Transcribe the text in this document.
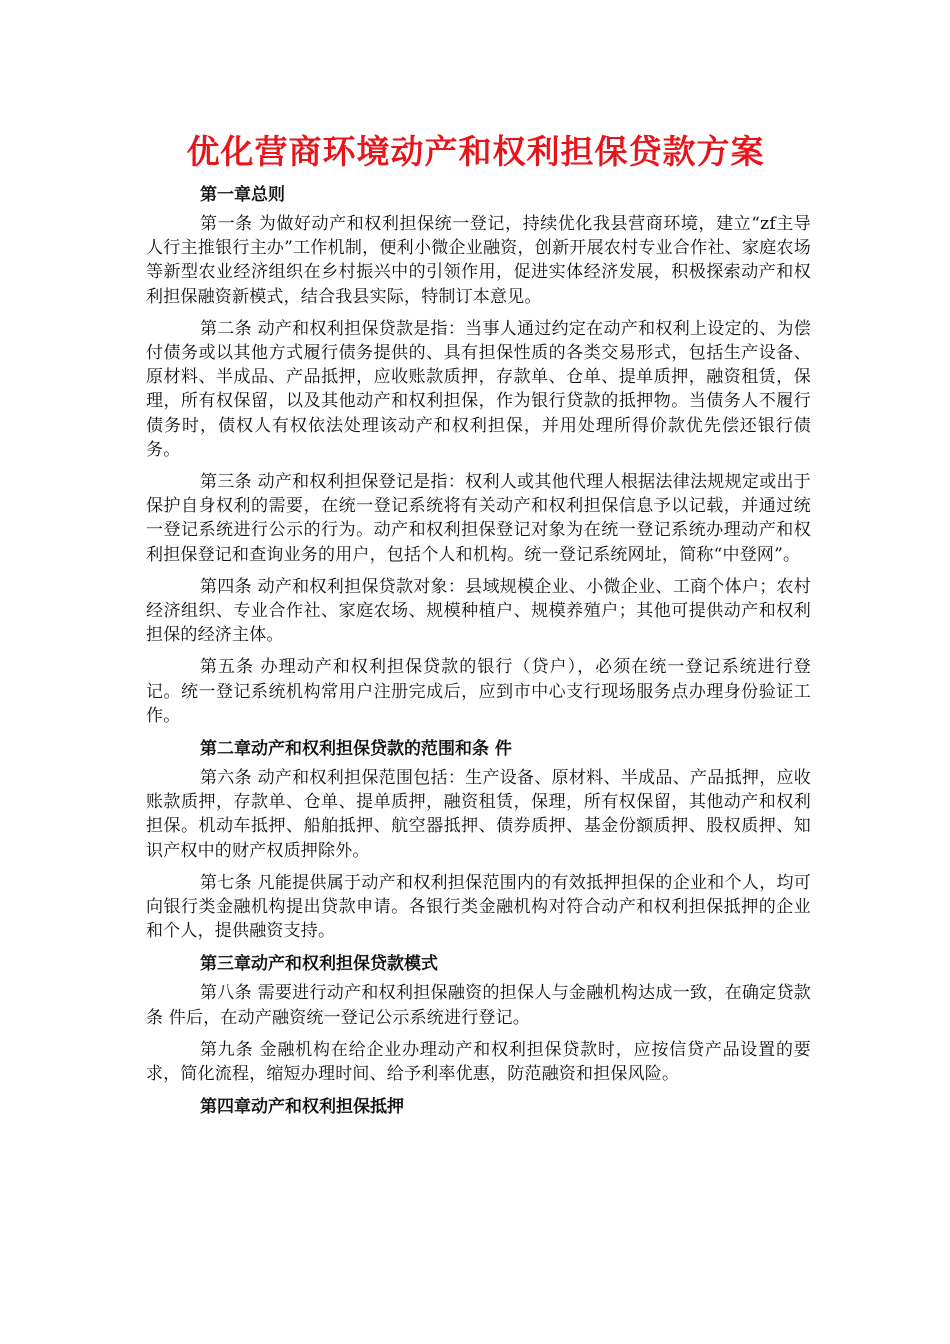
优化营商环境动产和权利担保贷款方案
第一章总则

第一条 为做好动产和权利担保统一登记，持续优化我县营商环境，建立“zf主导人行主推银行主办”工作机制，便利小微企业融资，创新开展农村专业合作社、家庭农场等新型农业经济组织在乡村振兴中的引领作用，促进实体经济发展，积极探索动产和权利担保融资新模式，结合我县实际，特制订本意见。

第二条 动产和权利担保贷款是指：当事人通过约定在动产和权利上设定的、为偿付债务或以其他方式履行债务提供的、具有担保性质的各类交易形式，包括生产设备、原材料、半成品、产品抵押，应收账款质押，存款单、仓单、提单质押，融资租赁，保理，所有权保留，以及其他动产和权利担保，作为银行贷款的抵押物。当债务人不履行债务时，债权人有权依法处理该动产和权利担保，并用处理所得价款优先偿还银行债务。

第三条 动产和权利担保登记是指：权利人或其他代理人根据法律法规规定或出于保护自身权利的需要，在统一登记系统将有关动产和权利担保信息予以记载，并通过统一登记系统进行公示的行为。动产和权利担保登记对象为在统一登记系统办理动产和权利担保登记和查询业务的用户，包括个人和机构。统一登记系统网址，简称“中登网”。

第四条 动产和权利担保贷款对象：县域规模企业、小微企业、工商个体户；农村经济组织、专业合作社、家庭农场、规模种植户、规模养殖户；其他可提供动产和权利担保的经济主体。

第五条 办理动产和权利担保贷款的银行（贷户），必须在统一登记系统进行登记。统一登记系统机构常用户注册完成后，应到市中心支行现场服务点办理身份验证工作。

第二章动产和权利担保贷款的范围和条 件

第六条 动产和权利担保范围包括：生产设备、原材料、半成品、产品抵押，应收账款质押，存款单、仓单、提单质押，融资租赁，保理，所有权保留，其他动产和权利担保。机动车抵押、船舶抵押、航空器抵押、债券质押、基金份额质押、股权质押、知识产权中的财产权质押除外。

第七条 凡能提供属于动产和权利担保范围内的有效抵押担保的企业和个人，均可向银行类金融机构提出贷款申请。各银行类金融机构对符合动产和权利担保抵押的企业和个人，提供融资支持。

第三章动产和权利担保贷款模式

第八条 需要进行动产和权利担保融资的担保人与金融机构达成一致，在确定贷款条 件后，在动产融资统一登记公示系统进行登记。

第九条 金融机构在给企业办理动产和权利担保贷款时，应按信贷产品设置的要求，简化流程，缩短办理时间、给予利率优惠，防范融资和担保风险。

第四章动产和权利担保抵押
